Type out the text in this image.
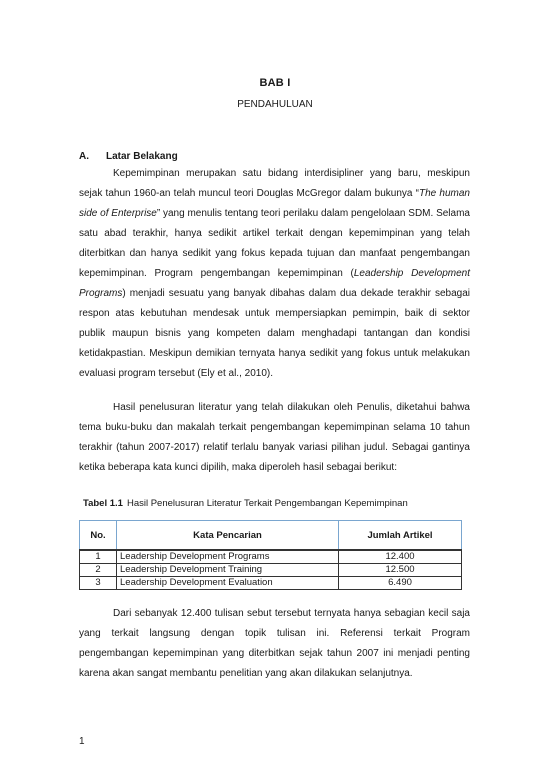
BAB I
PENDAHULUAN
A. Latar Belakang

Kepemimpinan merupakan satu bidang interdisipliner yang baru, meskipun sejak tahun 1960-an telah muncul teori Douglas McGregor dalam bukunya “The human side of Enterprise” yang menulis tentang teori perilaku dalam pengelolaan SDM. Selama satu abad terakhir, hanya sedikit artikel terkait dengan kepemimpinan yang telah diterbitkan dan hanya sedikit yang fokus kepada tujuan dan manfaat pengembangan kepemimpinan. Program pengembangan kepemimpinan (Leadership Development Programs) menjadi sesuatu yang banyak dibahas dalam dua dekade terakhir sebagai respon atas kebutuhan mendesak untuk mempersiapkan pemimpin, baik di sektor publik maupun bisnis yang kompeten dalam menghadapi tantangan dan kondisi ketidakpastian. Meskipun demikian ternyata hanya sedikit yang fokus untuk melakukan evaluasi program tersebut (Ely et al., 2010).

Hasil penelusuran literatur yang telah dilakukan oleh Penulis, diketahui bahwa tema buku-buku dan makalah terkait pengembangan kepemimpinan selama 10 tahun terakhir (tahun 2007-2017) relatif terlalu banyak variasi pilihan judul. Sebagai gantinya ketika beberapa kata kunci dipilih, maka diperoleh hasil sebagai berikut:

Tabel 1.1 Hasil Penelusuran Literatur Terkait Pengembangan Kepemimpinan
No.	Kata Pencarian	Jumlah Artikel
1	Leadership Development Programs	12.400
2	Leadership Development Training	12.500
3	Leadership Development Evaluation	6.490

Dari sebanyak 12.400 tulisan sebut tersebut ternyata hanya sebagian kecil saja yang terkait langsung dengan topik tulisan ini. Referensi terkait Program pengembangan kepemimpinan yang diterbitkan sejak tahun 2007 ini menjadi penting karena akan sangat membantu penelitian yang akan dilakukan selanjutnya.

1
